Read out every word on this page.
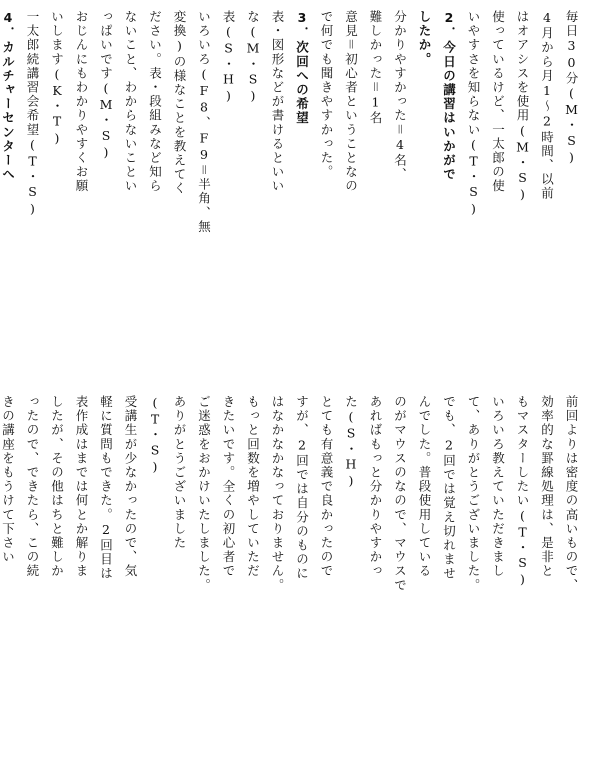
毎日30分(M・S)
4月から月1～2時間、以前
はオアシスを使用(M・S)
使っているけど、一太郎の使
いやすさを知らない(T・S)
2．今日の講習はいかがで
したか。
分かりやすかった＝4名、
難しかった＝1名
意見＝初心者ということなの
で何でも聞きやすかった。
3．次回への希望
表・図形などが書けるといい
な(M・S)
表(S・H)
いろいろ(F8、F9＝半角、無
変換)の様なことを教えてく
ださい。表・段組みなど知ら
ないこと、わからないことい
っぱいです(M・S)
おじんにもわかりやすくお願
いします(K・T)
一太郎続講習会希望(T・S)
4．カルチャーセンターへ

前回よりは密度の高いもので、
効率的な罫線処理は、是非と
もマスターしたい(T・S)
いろいろ教えていただきまし
て、ありがとうございました。
でも、2回では覚え切れませ
んでした。普段使用している
のがマウスのなので、マウスで
あればもっと分かりやすかっ
た(S・H)
とても有意義で良かったので
すが、2回では自分のものに
はなかなかなっておりません。
もっと回数を増やしていただ
きたいです。全くの初心者で
ご迷惑をおかけいたしました。
ありがとうございました
(T・S)
受講生が少なかったので、気
軽に質問もできた。2回目は
表作成はまでは何とか解りま
したが、その他はちと難しか
ったので、できたら、この続
きの講座をもうけて下さい
